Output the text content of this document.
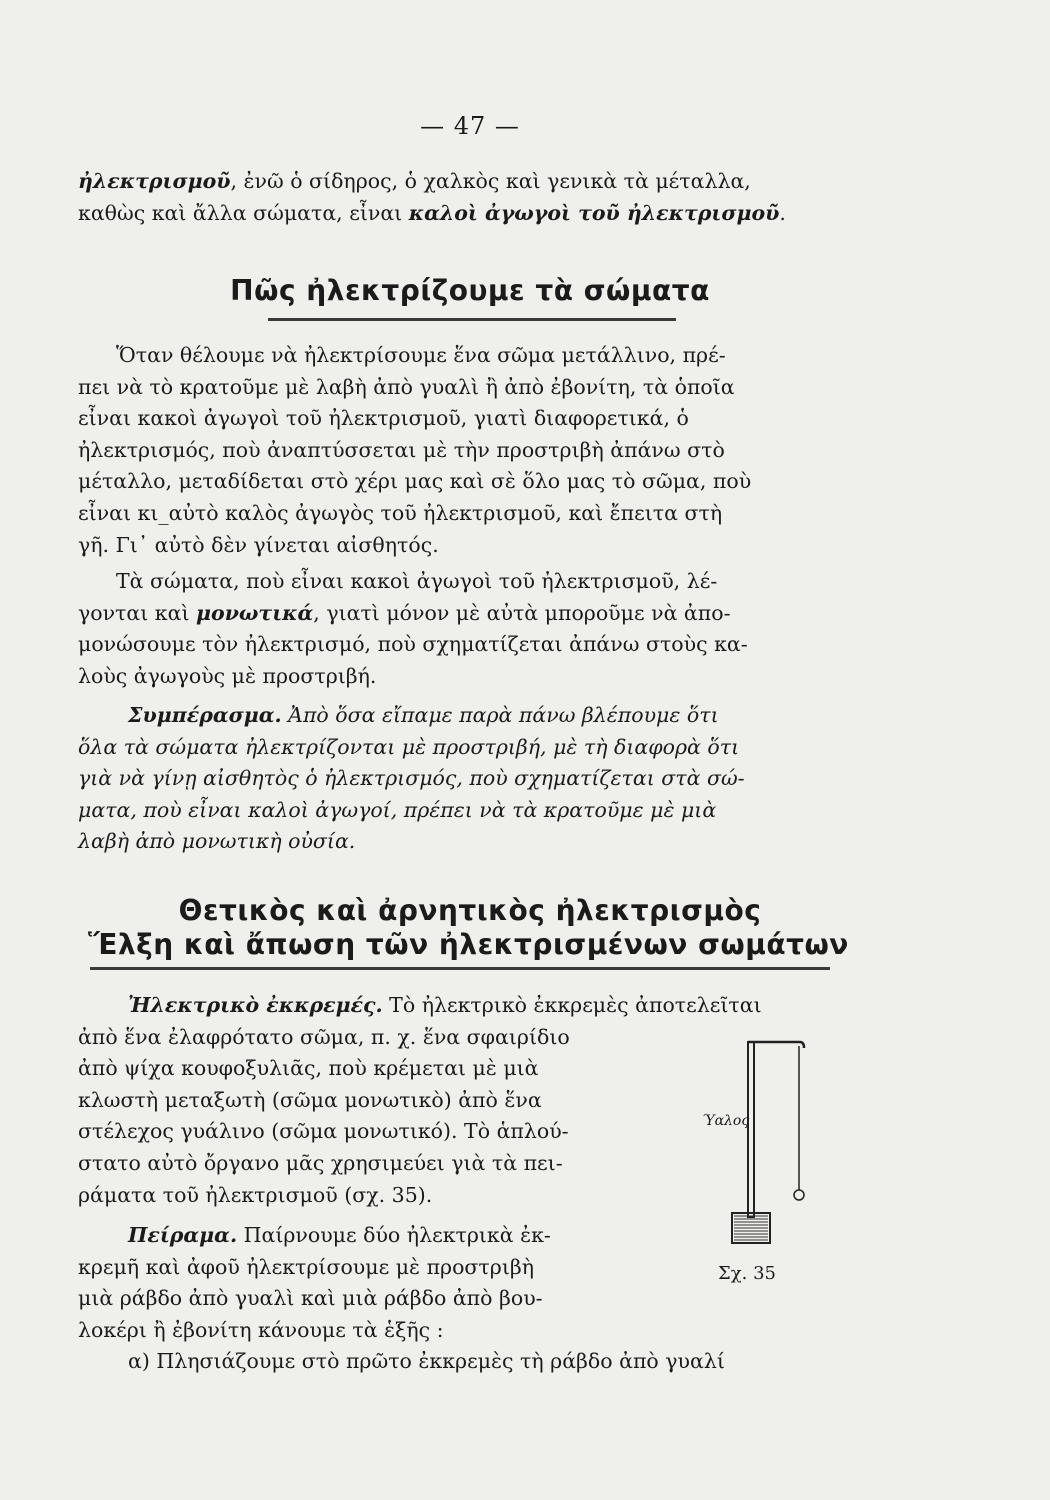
— 47 —
ἠλεκτρισμοῦ, ἐνῶ ὁ σίδηρος, ὁ χαλκὸς καὶ γενικὰ τὰ μέταλλα,
καθὼς καὶ ἄλλα σώματα, εἶναι καλοὶ ἀγωγοὶ τοῦ ἠλεκτρισμοῦ.
Πῶς ἠλεκτρίζουμε τὰ σώματα
Ὅταν θέλουμε νὰ ἠλεκτρίσουμε ἕνα σῶμα μετάλλινο, πρέ-
πει νὰ τὸ κρατοῦμε μὲ λαβὴ ἀπὸ γυαλὶ ἢ ἀπὸ ἐβονίτη, τὰ ὁποῖα
εἶναι κακοὶ ἀγωγοὶ τοῦ ἠλεκτρισμοῦ, γιατὶ διαφορετικά, ὁ
ἠλεκτρισμός, ποὺ ἀναπτύσσεται μὲ τὴν προστριβὴ ἀπάνω στὸ
μέταλλο, μεταδίδεται στὸ χέρι μας καὶ σὲ ὅλο μας τὸ σῶμα, ποὺ
εἶναι κι_αὐτὸ καλὸς ἀγωγὸς τοῦ ἠλεκτρισμοῦ, καὶ ἔπειτα στὴ
γῆ. Γι᾿ αὐτὸ δὲν γίνεται αἰσθητός.
Τὰ σώματα, ποὺ εἶναι κακοὶ ἀγωγοὶ τοῦ ἠλεκτρισμοῦ, λέ-
γονται καὶ μονωτικά, γιατὶ μόνον μὲ αὐτὰ μποροῦμε νὰ ἀπο-
μονώσουμε τὸν ἠλεκτρισμό, ποὺ σχηματίζεται ἀπάνω στοὺς κα-
λοὺς ἀγωγοὺς μὲ προστριβή.
Συμπέρασμα. Ἀπὸ ὅσα εἴπαμε παρὰ πάνω βλέπουμε ὅτι
ὅλα τὰ σώματα ἠλεκτρίζονται μὲ προστριβή, μὲ τὴ διαφορὰ ὅτι
γιὰ νὰ γίνῃ αἰσθητὸς ὁ ἠλεκτρισμός, ποὺ σχηματίζεται στὰ σώ-
ματα, ποὺ εἶναι καλοὶ ἀγωγοί, πρέπει νὰ τὰ κρατοῦμε μὲ μιὰ
λαβὴ ἀπὸ μονωτικὴ οὐσία.
Θετικὸς καὶ ἀρνητικὸς ἠλεκτρισμὸς
Ἕλξη καὶ ἄπωση τῶν ἠλεκτρισμένων σωμάτων
Ἠλεκτρικὸ ἐκκρεμές. Τὸ ἠλεκτρικὸ ἐκκρεμὲς ἀποτελεῖται
ἀπὸ ἕνα ἐλαφρότατο σῶμα, π. χ. ἕνα σφαιρίδιο
ἀπὸ ψίχα κουφοξυλιᾶς, ποὺ κρέμεται μὲ μιὰ
κλωστὴ μεταξωτὴ (σῶμα μονωτικὸ) ἀπὸ ἕνα
στέλεχος γυάλινο (σῶμα μονωτικό). Τὸ ἁπλού-
στατο αὐτὸ ὄργανο μᾶς χρησιμεύει γιὰ τὰ πει-
ράματα τοῦ ἠλεκτρισμοῦ (σχ. 35).
Πείραμα. Παίρνουμε δύο ἠλεκτρικὰ ἐκ-
κρεμῆ καὶ ἀφοῦ ἠλεκτρίσουμε μὲ προστριβὴ
μιὰ ράβδο ἀπὸ γυαλὶ καὶ μιὰ ράβδο ἀπὸ βου-
λοκέρι ἢ ἐβονίτη κάνουμε τὰ ἑξῆς :
α) Πλησιάζουμε στὸ πρῶτο ἐκκρεμὲς τὴ ράβδο ἀπὸ γυαλί
Ύαλος
Σχ. 35
